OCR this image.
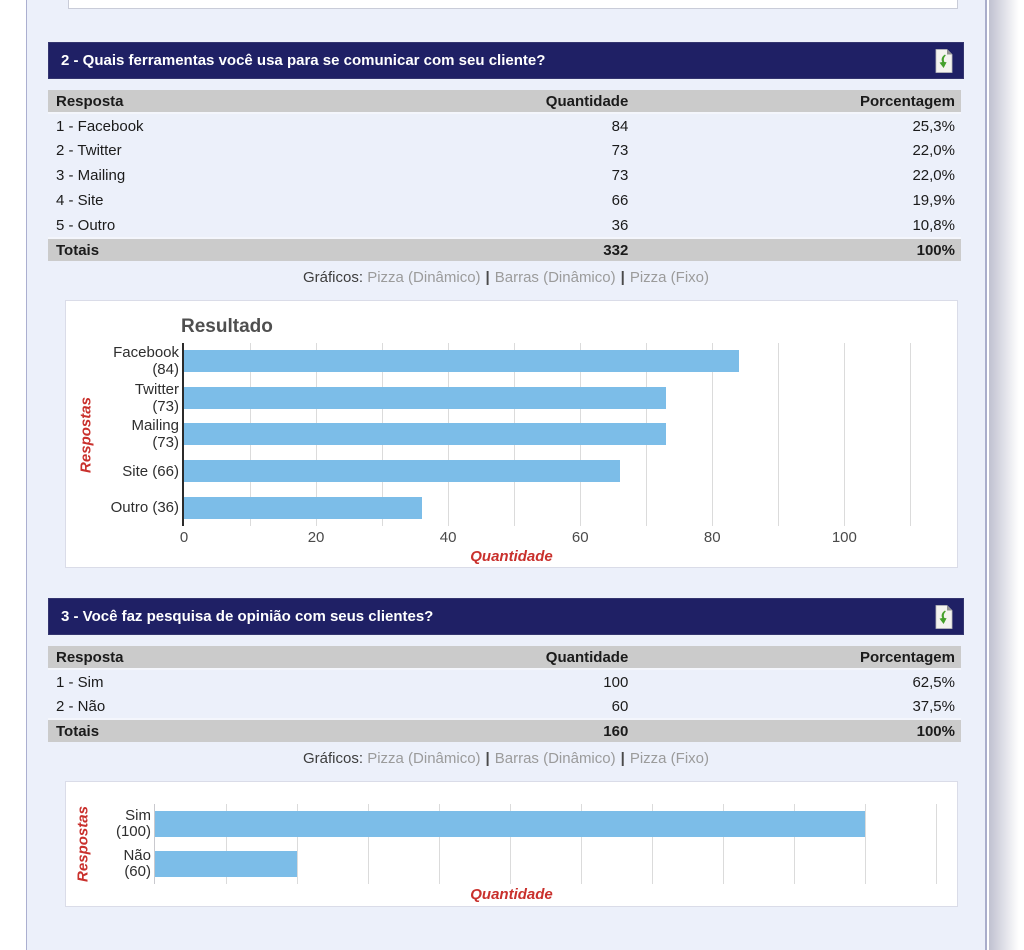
2 - Quais ferramentas você usa para se comunicar com seu cliente?
Resposta	Quantidade	Porcentagem
1 - Facebook	84	25,3%
2 - Twitter	73	22,0%
3 - Mailing	73	22,0%
4 - Site	66	19,9%
5 - Outro	36	10,8%
Totais	332	100%
Gráficos: Pizza (Dinâmico) | Barras (Dinâmico) | Pizza (Fixo)
Resultado
Respostas
Facebook
(84)
Twitter (73)
Mailing (73)
Site (66)
Outro (36)
0	20	40	60	80	100
Quantidade
3 - Você faz pesquisa de opinião com seus clientes?
Resposta	Quantidade	Porcentagem
1 - Sim	100	62,5%
2 - Não	60	37,5%
Totais	160	100%
Gráficos: Pizza (Dinâmico) | Barras (Dinâmico) | Pizza (Fixo)
Respostas	Sim
(100)
Não
(60)
Quantidade
